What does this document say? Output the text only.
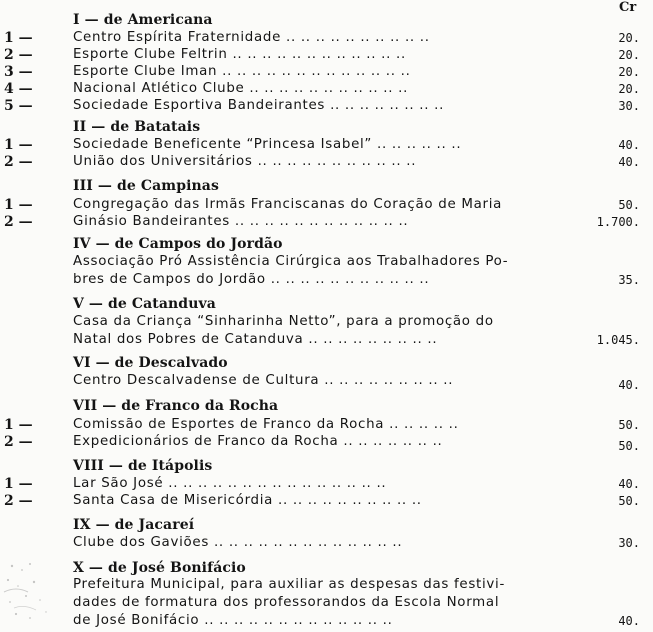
Cr
I — de Americana
1 —	Centro Espírita Fraternidade .. .. .. .. .. .. .. .. .. ..	20.
2 —	Esporte Clube Feltrin .. .. .. .. .. .. .. .. .. .. .. ..	20.
3 —	Esporte Clube Iman .. .. .. .. .. .. .. .. .. .. .. .. ..	20.
4 —	Nacional Atlético Clube .. .. .. .. .. .. .. .. .. .. ..	20.
5 —	Sociedade Esportiva Bandeirantes .. .. .. .. .. .. .. ..	30.
II — de Batatais
1 —	Sociedade Beneficente “Princesa Isabel” .. .. .. .. .. ..	40.
2 —	União dos Universitários .. .. .. .. .. .. .. .. .. .. ..	40.
III — de Campinas
1 —	Congregação das Irmãs Franciscanas do Coração de Maria	50.
2 —	Ginásio Bandeirantes .. .. .. .. .. .. .. .. .. .. .. ..	1.700.
IV — de Campos do Jordão
Associação Pró Assistência Cirúrgica aos Trabalhadores Po-
bres de Campos do Jordão .. .. .. .. .. .. .. .. .. .. ..	35.
V — de Catanduva
Casa da Criança “Sinharinha Netto”, para a promoção do
Natal dos Pobres de Catanduva .. .. .. .. .. .. .. .. ..	1.045.
VI — de Descalvado
Centro Descalvadense de Cultura .. .. .. .. .. .. .. .. ..	40.
VII — de Franco da Rocha
1 —	Comissão de Esportes de Franco da Rocha .. .. .. .. ..	50.
2 —	Expedicionários de Franco da Rocha .. .. .. .. .. .. ..	50.
VIII — de Itápolis
1 —	Lar São José .. .. .. .. .. .. .. .. .. .. .. .. .. .. ..	40.
2 —	Santa Casa de Misericórdia .. .. .. .. .. .. .. .. .. ..	50.
IX — de Jacareí
Clube dos Gaviões .. .. .. .. .. .. .. .. .. .. .. .. ..	30.
X — de José Bonifácio
Prefeitura Municipal, para auxiliar as despesas das festivi-
dades de formatura dos professorandos da Escola Normal
de José Bonifácio .. .. .. .. .. .. .. .. .. .. .. .. ..	40.
